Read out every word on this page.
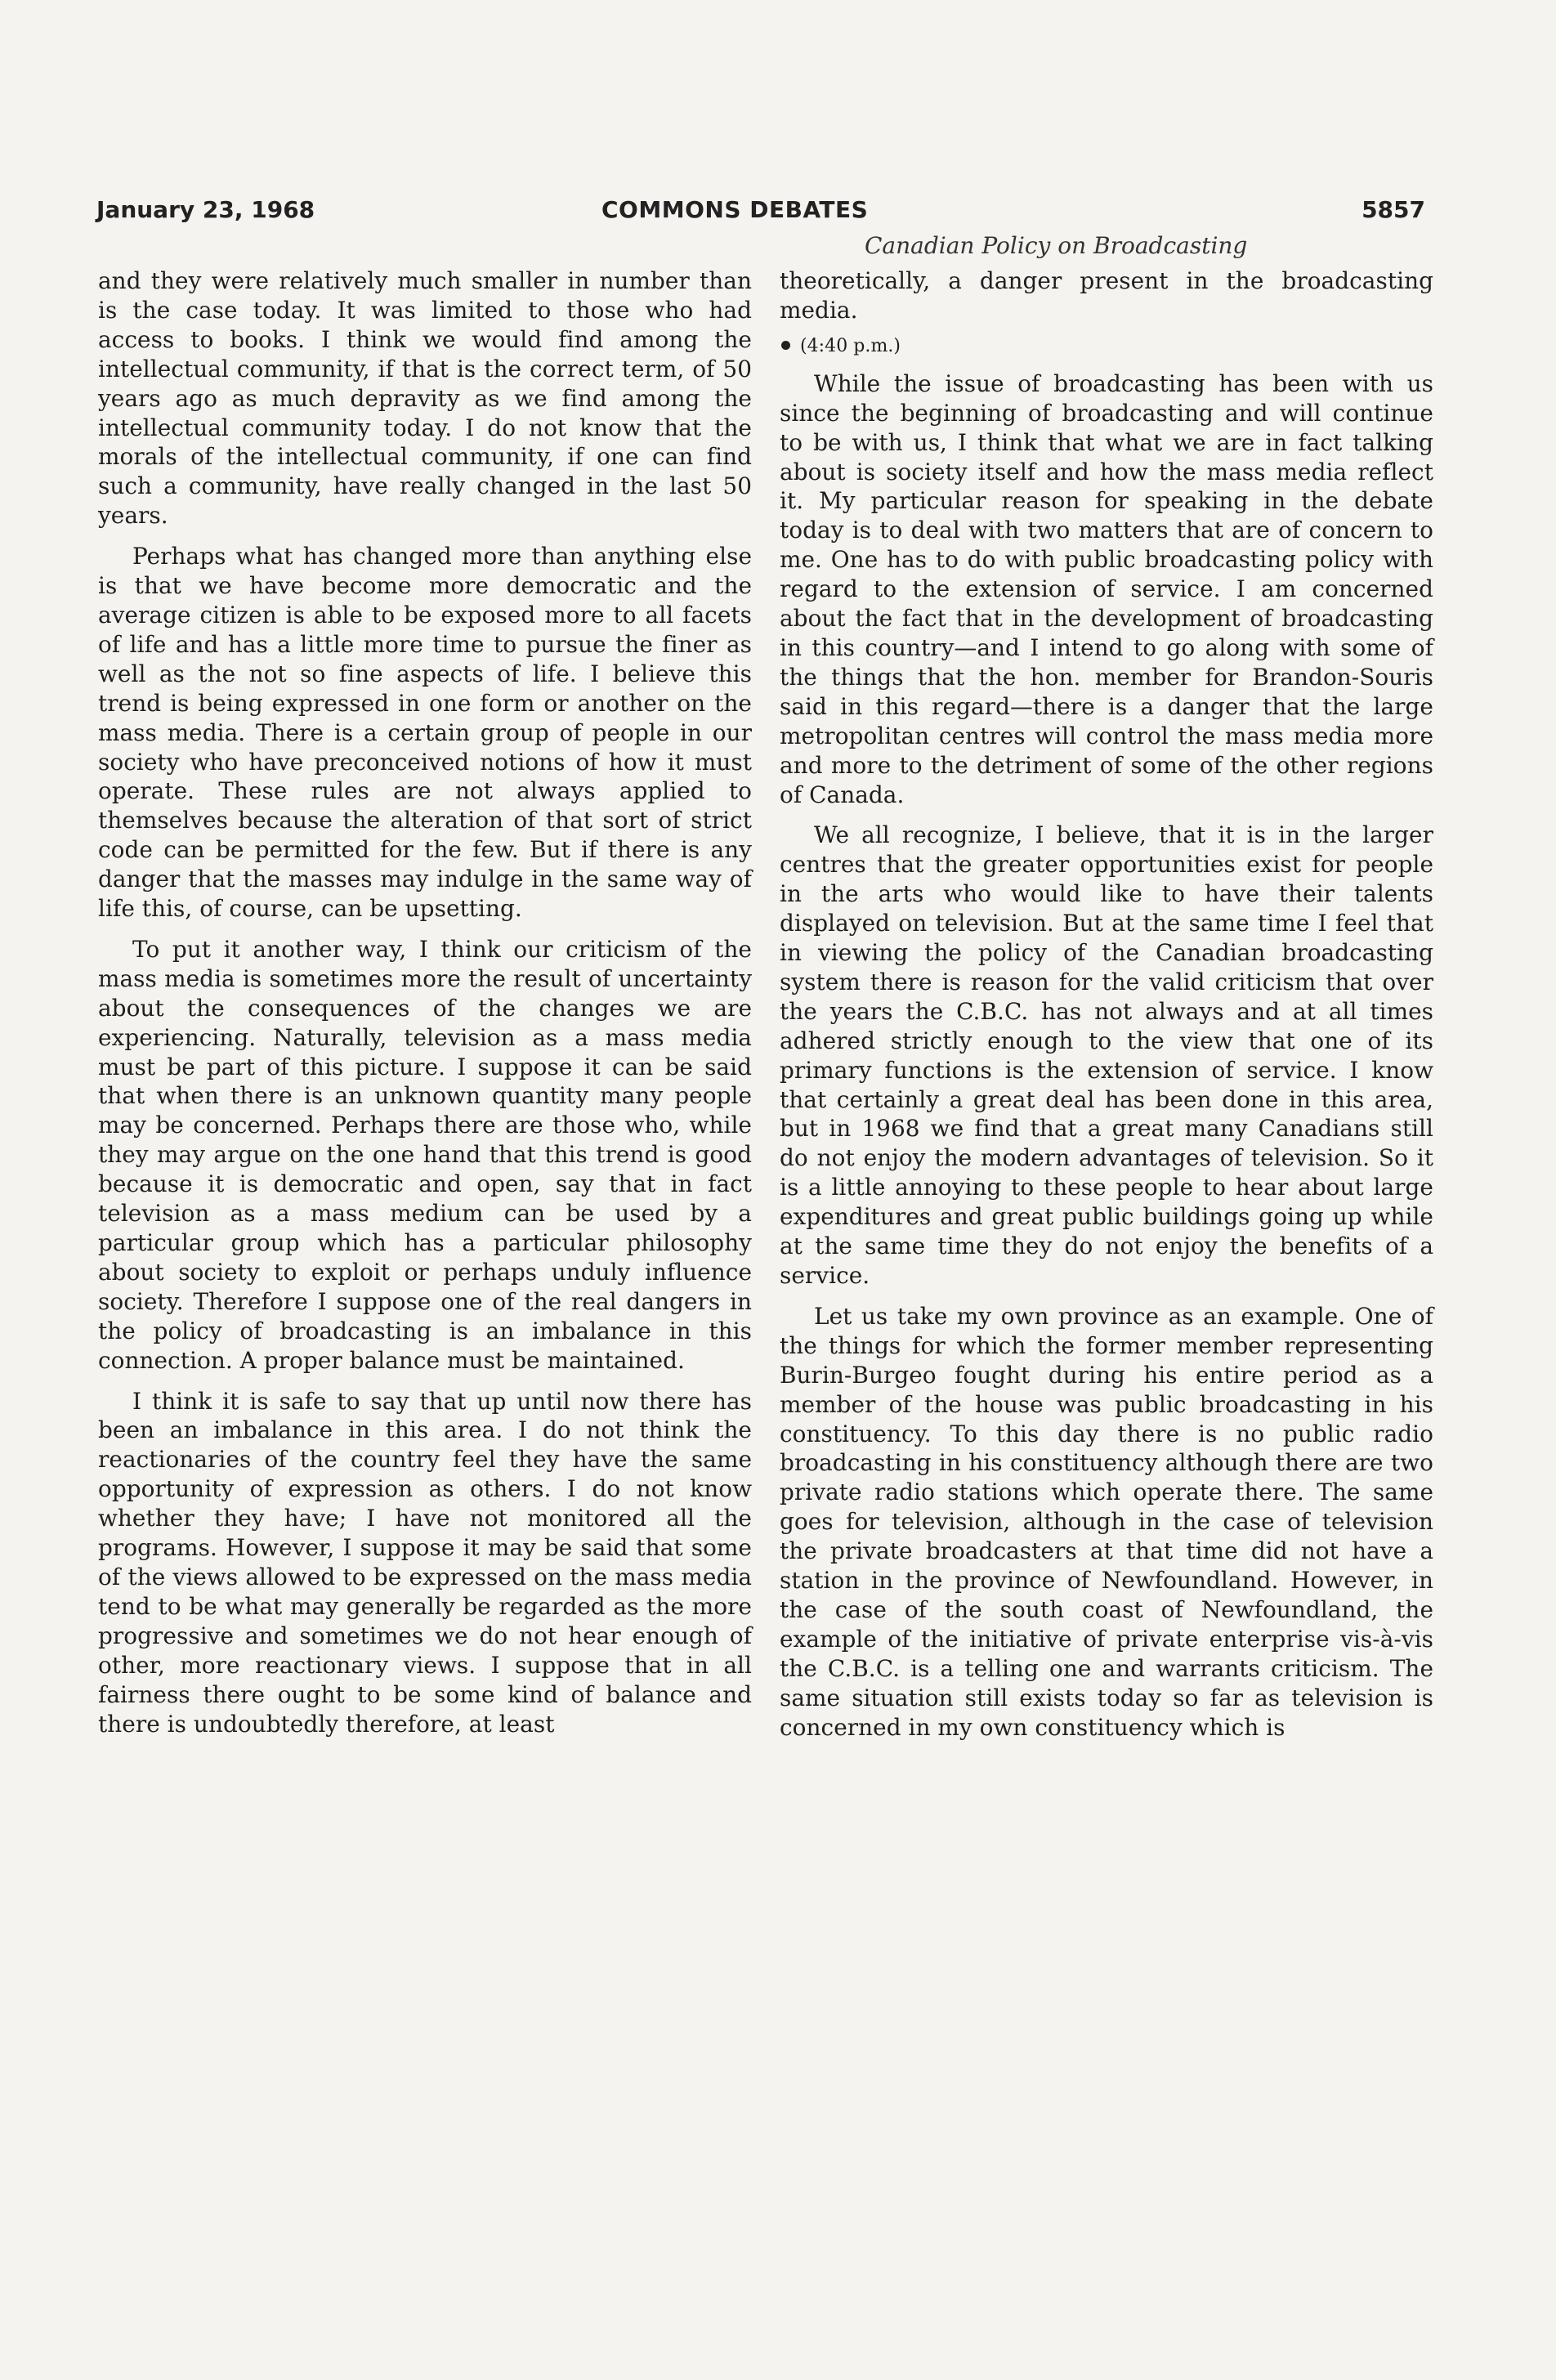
January 23, 1968	COMMONS DEBATES	5857
Canadian Policy on Broadcasting

and they were relatively much smaller in number than is the case today. It was limited to those who had access to books. I think we would find among the intellectual community, if that is the correct term, of 50 years ago as much depravity as we find among the intellectual community today. I do not know that the morals of the intellectual community, if one can find such a community, have really changed in the last 50 years.

Perhaps what has changed more than anything else is that we have become more democratic and the average citizen is able to be exposed more to all facets of life and has a little more time to pursue the finer as well as the not so fine aspects of life. I believe this trend is being expressed in one form or another on the mass media. There is a certain group of people in our society who have preconceived notions of how it must operate. These rules are not always applied to themselves because the alteration of that sort of strict code can be permitted for the few. But if there is any danger that the masses may indulge in the same way of life this, of course, can be upsetting.

To put it another way, I think our criticism of the mass media is sometimes more the result of uncertainty about the consequences of the changes we are experiencing. Naturally, television as a mass media must be part of this picture. I suppose it can be said that when there is an unknown quantity many people may be concerned. Perhaps there are those who, while they may argue on the one hand that this trend is good because it is democratic and open, say that in fact television as a mass medium can be used by a particular group which has a particular philosophy about society to exploit or perhaps unduly influence society. Therefore I suppose one of the real dangers in the policy of broadcasting is an imbalance in this connection. A proper balance must be maintained.

I think it is safe to say that up until now there has been an imbalance in this area. I do not think the reactionaries of the country feel they have the same opportunity of expression as others. I do not know whether they have; I have not monitored all the programs. However, I suppose it may be said that some of the views allowed to be expressed on the mass media tend to be what may generally be regarded as the more progressive and sometimes we do not hear enough of other, more reactionary views. I suppose that in all fairness there ought to be some kind of balance and there is undoubtedly therefore, at least

theoretically, a danger present in the broadcasting media.

(4:40 p.m.)

While the issue of broadcasting has been with us since the beginning of broadcasting and will continue to be with us, I think that what we are in fact talking about is society itself and how the mass media reflect it. My particular reason for speaking in the debate today is to deal with two matters that are of concern to me. One has to do with public broadcasting policy with regard to the extension of service. I am concerned about the fact that in the development of broadcasting in this country—and I intend to go along with some of the things that the hon. member for Brandon-Souris said in this regard—there is a danger that the large metropolitan centres will control the mass media more and more to the detriment of some of the other regions of Canada.

We all recognize, I believe, that it is in the larger centres that the greater opportunities exist for people in the arts who would like to have their talents displayed on television. But at the same time I feel that in viewing the policy of the Canadian broadcasting system there is reason for the valid criticism that over the years the C.B.C. has not always and at all times adhered strictly enough to the view that one of its primary functions is the extension of service. I know that certainly a great deal has been done in this area, but in 1968 we find that a great many Canadians still do not enjoy the modern advantages of television. So it is a little annoying to these people to hear about large expenditures and great public buildings going up while at the same time they do not enjoy the benefits of a service.

Let us take my own province as an example. One of the things for which the former member representing Burin-Burgeo fought during his entire period as a member of the house was public broadcasting in his constituency. To this day there is no public radio broadcasting in his constituency although there are two private radio stations which operate there. The same goes for television, although in the case of television the private broadcasters at that time did not have a station in the province of Newfoundland. However, in the case of the south coast of Newfoundland, the example of the initiative of private enterprise vis-à-vis the C.B.C. is a telling one and warrants criticism. The same situation still exists today so far as television is concerned in my own constituency which is
